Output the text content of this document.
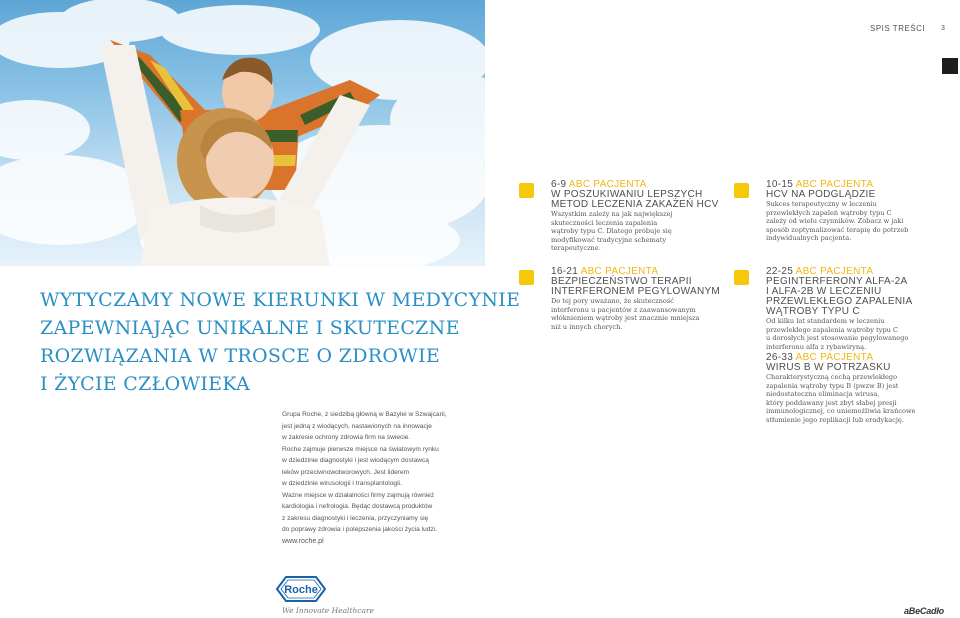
WYTYCZAMY NOWE KIERUNKI W MEDYCYNIE
ZAPEWNIAJĄC UNIKALNE I SKUTECZNE
ROZWIĄZANIA W TROSCE O ZDROWIE
I ŻYCIE CZŁOWIEKA
Grupa Roche, z siedzibą główną w Bazylei w Szwajcarii,
jest jedną z wiodących, nastawionych na innowacje
w zakresie ochrony zdrowia firm na świecie.
Roche zajmuje pierwsze miejsce na światowym rynku
w dziedzinie diagnostyki i jest wiodącym dostawcą
leków przeciwnowotworowych. Jest liderem
w dziedzinie wirusologii i transplantologii.
Ważne miejsce w działalności firmy zajmują również
kardiologia i nefrologia. Będąc dostawcą produktów
z zakresu diagnostyki i leczenia, przyczyniamy się
do poprawy zdrowia i polepszenia jakości życia ludzi.
www.roche.pl
Roche
We Innovate Healthcare
SPIS TREŚCI 3
6-9 ABC PACJENTA
W POSZUKIWANIU LEPSZYCH
METOD LECZENIA ZAKAŻEŃ HCV
Wszystkim zależy na jak największej
skuteczności leczenia zapalenia
wątroby typu C. Dlatego próbuje się
modyfikować tradycyjne schematy
terapeutyczne.
10-15 ABC PACJENTA
HCV NA PODGLĄDZIE
Sukces terapeutyczny w leczeniu
przewlekłych zapaleń wątroby typu C
zależy od wielu czynników. Zobacz w jaki
sposób zoptymalizować terapię do potrzeb
indywidualnych pacjenta.
16-21 ABC PACJENTA
BEZPIECZEŃSTWO TERAPII
INTERFERONEM PEGYLOWANYM
Do tej pory uważano, że skuteczność
interferonu u pacjentów z zaawansowanym
włóknieniem wątroby jest znacznie mniejsza
niż u innych chorych.
22-25 ABC PACJENTA
PEGINTERFERONY ALFA-2A
I ALFA-2B W LECZENIU
PRZEWLEKŁEGO ZAPALENIA
WĄTROBY TYPU C
Od kilku lat standardem w leczeniu
przewlekłego zapalenia wątroby typu C
u dorosłych jest stosowanie pegylowanego
interferonu alfa z rybawiryną.
26-33 ABC PACJENTA
WIRUS B W POTRZASKU
Charakterystyczną cechą przewlekłego
zapalenia wątroby typu B (pwzw B) jest
niedostateczna eliminacja wirusa,
który poddawany jest zbyt słabej presji
immunologicznej, co uniemożliwia krańcowe
stłumienie jego replikacji lub eradykację.
aBeCadło
